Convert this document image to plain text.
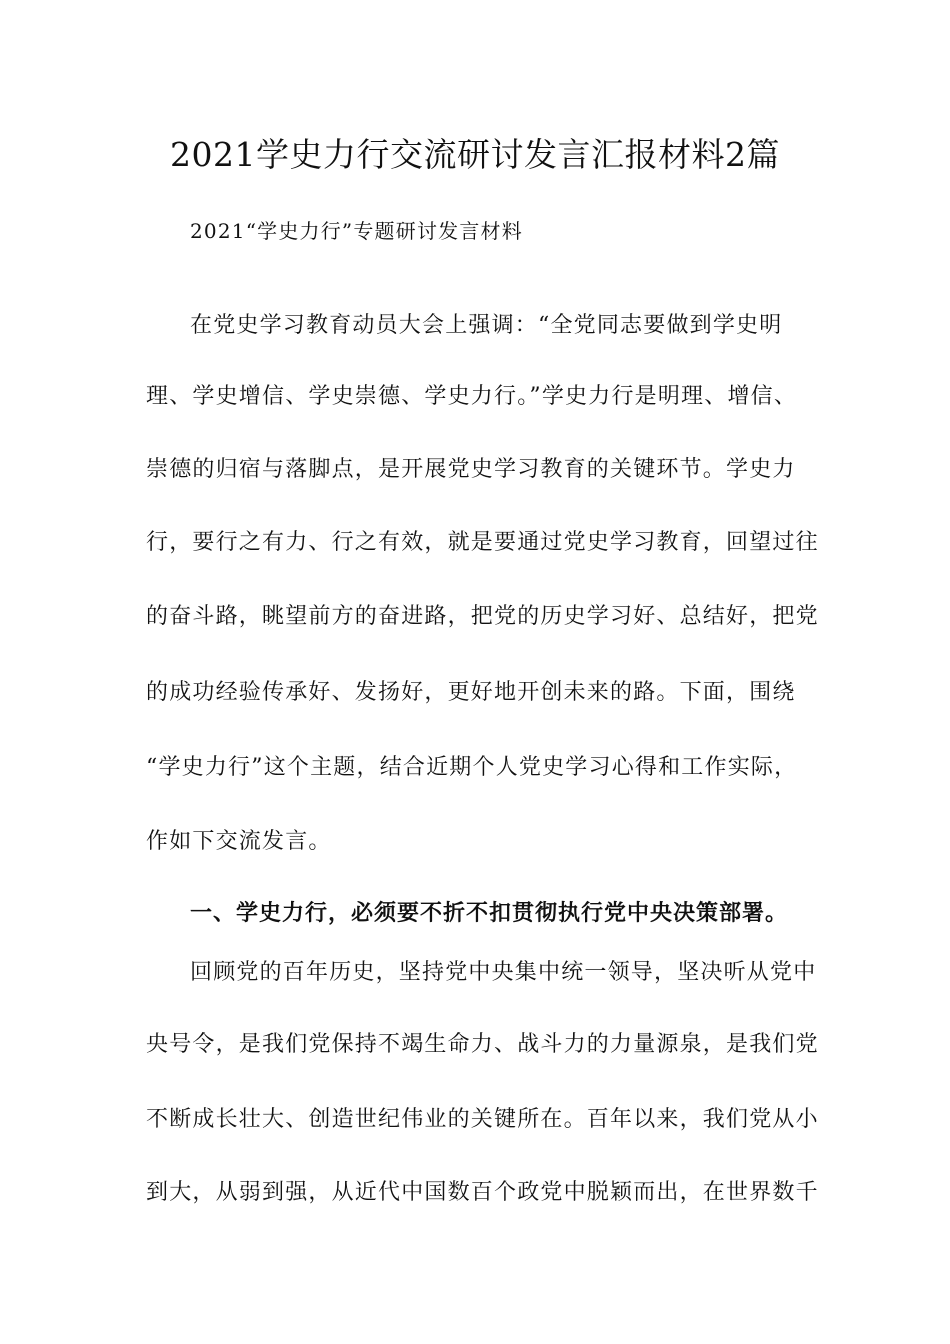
2021学史力行交流研讨发言汇报材料2篇

2021“学史力行”专题研讨发言材料

在党史学习教育动员大会上强调：“全党同志要做到学史明

理、学史增信、学史崇德、学史力行。”学史力行是明理、增信、

崇德的归宿与落脚点，是开展党史学习教育的关键环节。学史力

行，要行之有力、行之有效，就是要通过党史学习教育，回望过往

的奋斗路，眺望前方的奋进路，把党的历史学习好、总结好，把党

的成功经验传承好、发扬好，更好地开创未来的路。下面，围绕

“学史力行”这个主题，结合近期个人党史学习心得和工作实际，

作如下交流发言。

一、学史力行，必须要不折不扣贯彻执行党中央决策部署。

回顾党的百年历史，坚持党中央集中统一领导，坚决听从党中

央号令，是我们党保持不竭生命力、战斗力的力量源泉，是我们党

不断成长壮大、创造世纪伟业的关键所在。百年以来，我们党从小

到大，从弱到强，从近代中国数百个政党中脱颖而出，在世界数千
